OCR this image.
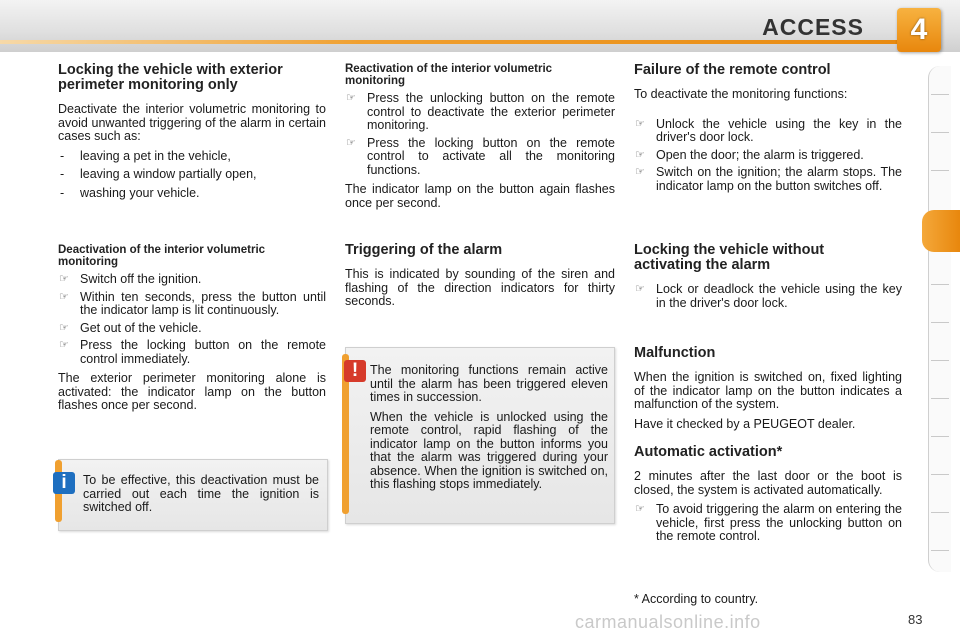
ACCESS	4
Locking the vehicle with exterior perimeter monitoring only

Deactivate the interior volumetric monitoring to avoid unwanted triggering of the alarm in certain cases such as:

- leaving a pet in the vehicle,
- leaving a window partially open,
- washing your vehicle.
Deactivation of the interior volumetric monitoring
☞ Switch off the ignition.
☞ Within ten seconds, press the button until the indicator lamp is lit continuously.
☞ Get out of the vehicle.
☞ Press the locking button on the remote control immediately.

The exterior perimeter monitoring alone is activated: the indicator lamp on the button flashes once per second.

i	To be effective, this deactivation must be carried out each time the ignition is switched off.

Reactivation of the interior volumetric monitoring
☞ Press the unlocking button on the remote control to deactivate the exterior perimeter monitoring.
☞ Press the locking button on the remote control to activate all the monitoring functions.

The indicator lamp on the button again flashes once per second.

Triggering of the alarm

This is indicated by sounding of the siren and flashing of the direction indicators for thirty seconds.

! The monitoring functions remain active until the alarm has been triggered eleven times in succession.

When the vehicle is unlocked using the remote control, rapid flashing of the indicator lamp on the button informs you that the alarm was triggered during your absence. When the ignition is switched on, this flashing stops immediately.

Failure of the remote control

To deactivate the monitoring functions:

☞ Unlock the vehicle using the key in the driver's door lock.
☞ Open the door; the alarm is triggered.
☞ Switch on the ignition; the alarm stops. The indicator lamp on the button switches off.
Locking the vehicle without activating the alarm
☞ Lock or deadlock the vehicle using the key in the driver's door lock.
Malfunction

When the ignition is switched on, fixed lighting of the indicator lamp on the button indicates a malfunction of the system.

Have it checked by a PEUGEOT dealer.

Automatic activation*

2 minutes after the last door or the boot is closed, the system is activated automatically.

☞ To avoid triggering the alarm on entering the vehicle, first press the unlocking button on the remote control.
* According to country.
carmanualsonline.info	83
